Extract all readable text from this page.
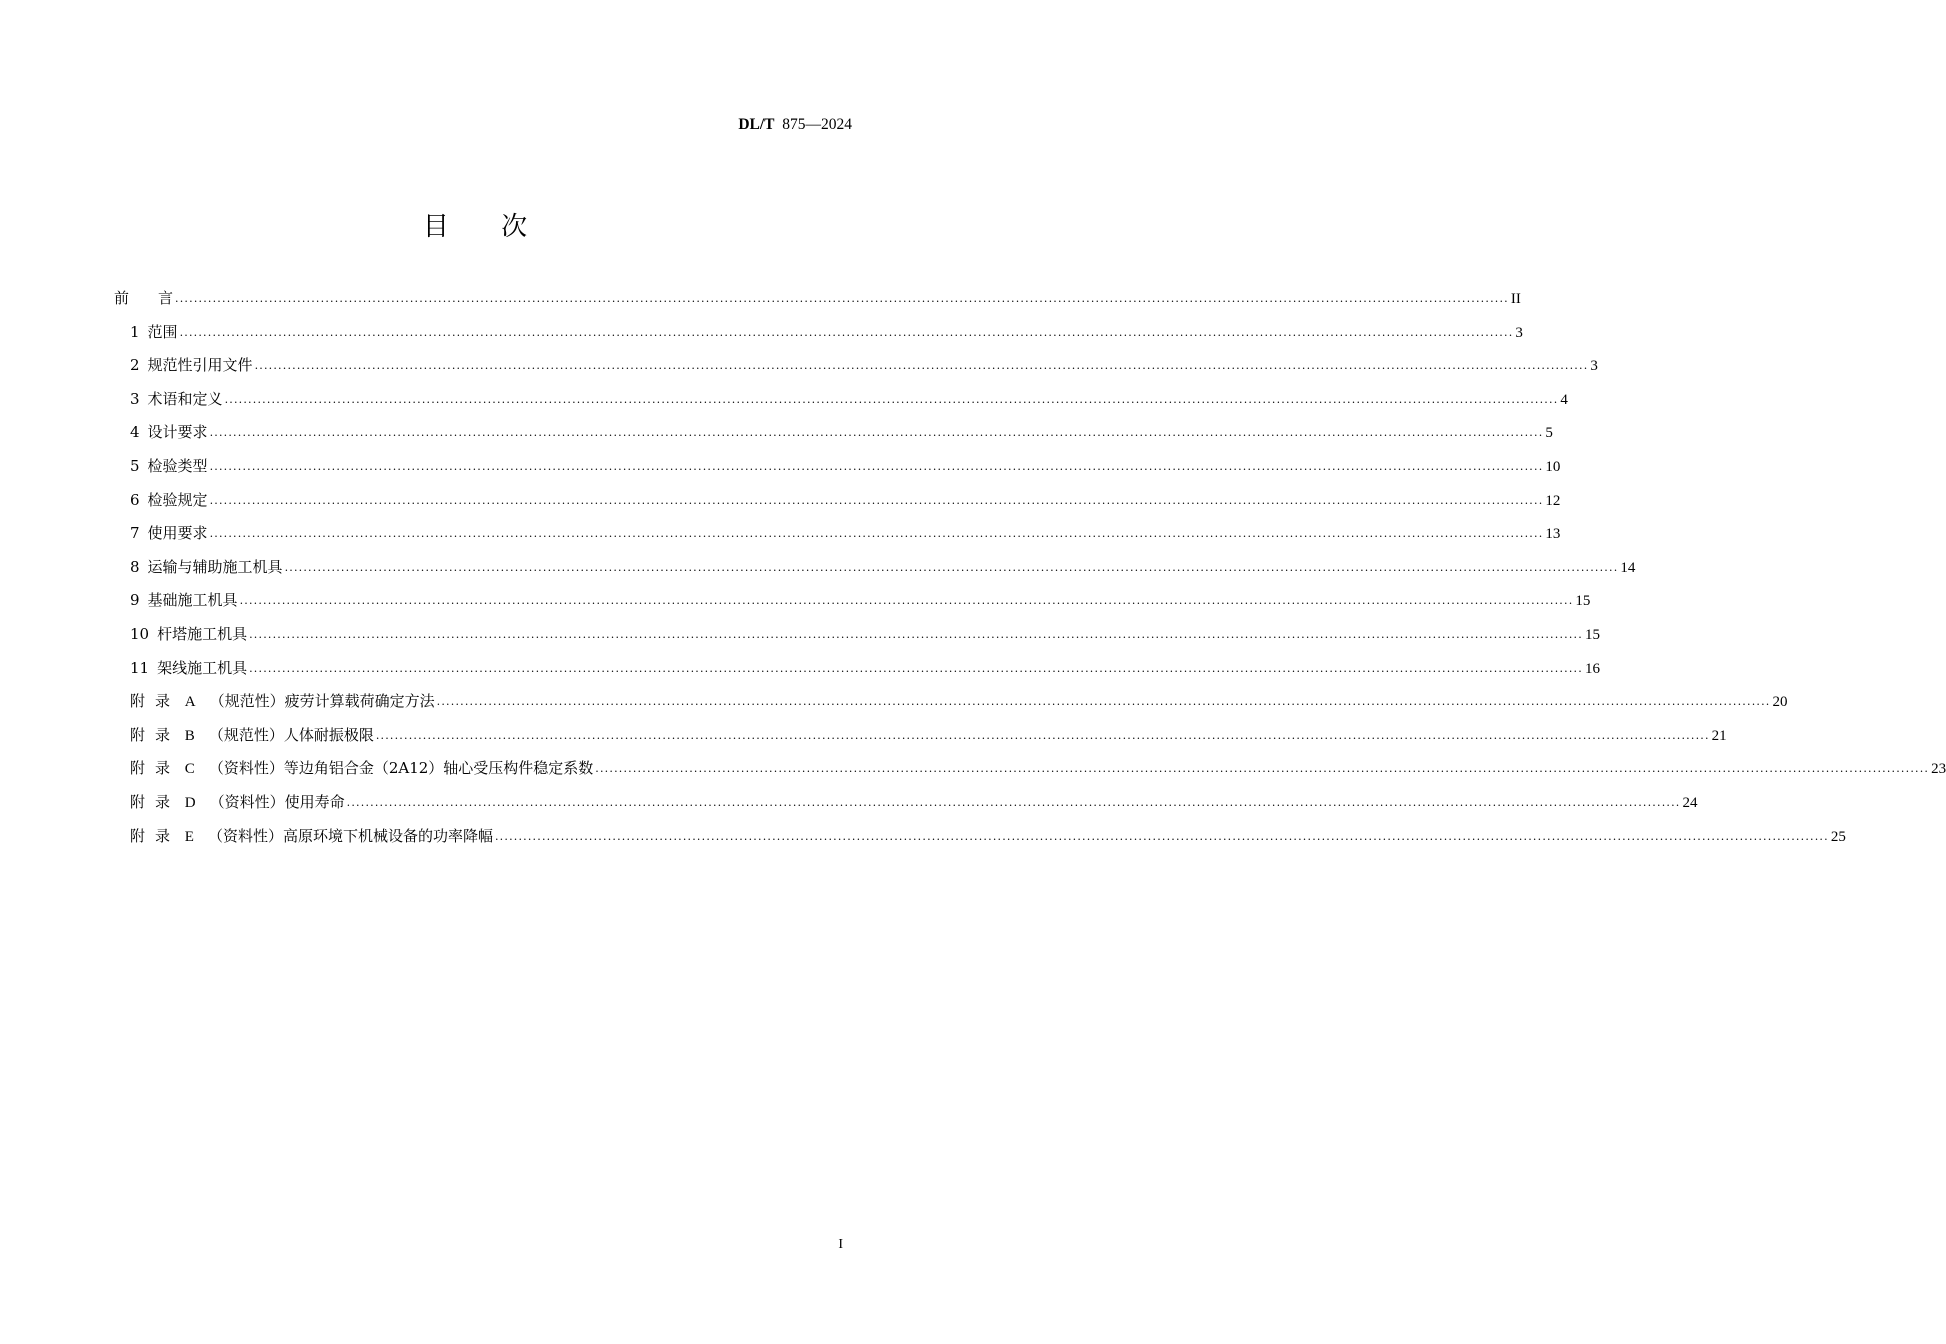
DL/T 875—2024
目 次
前言 ............................................................................................................................................................................................................................................................................................ II
1 范围 ............................................................................................................................................................................................................................................................................................ 3
2 规范性引用文件 ............................................................................................................................................................................................................................................................................................ 3
3 术语和定义 ............................................................................................................................................................................................................................................................................................ 4
4 设计要求 ............................................................................................................................................................................................................................................................................................ 5
5 检验类型 ............................................................................................................................................................................................................................................................................................ 10
6 检验规定 ............................................................................................................................................................................................................................................................................................ 12
7 使用要求 ............................................................................................................................................................................................................................................................................................ 13
8 运输与辅助施工机具 ............................................................................................................................................................................................................................................................................................ 14
9 基础施工机具 ............................................................................................................................................................................................................................................................................................ 15
10 杆塔施工机具 ............................................................................................................................................................................................................................................................................................ 15
11 架线施工机具 ............................................................................................................................................................................................................................................................................................ 16
附录 A （规范性）疲劳计算载荷确定方法 ............................................................................................................................................................................................................................................................................................ 20
附录 B （规范性）人体耐振极限 ............................................................................................................................................................................................................................................................................................ 21
附录 C （资料性）等边角铝合金（2A12）轴心受压构件稳定系数 ............................................................................................................................................................................................................................................................................................ 23
附录 D （资料性）使用寿命 ............................................................................................................................................................................................................................................................................................ 24
附录 E （资料性）高原环境下机械设备的功率降幅 ............................................................................................................................................................................................................................................................................................ 25
I
